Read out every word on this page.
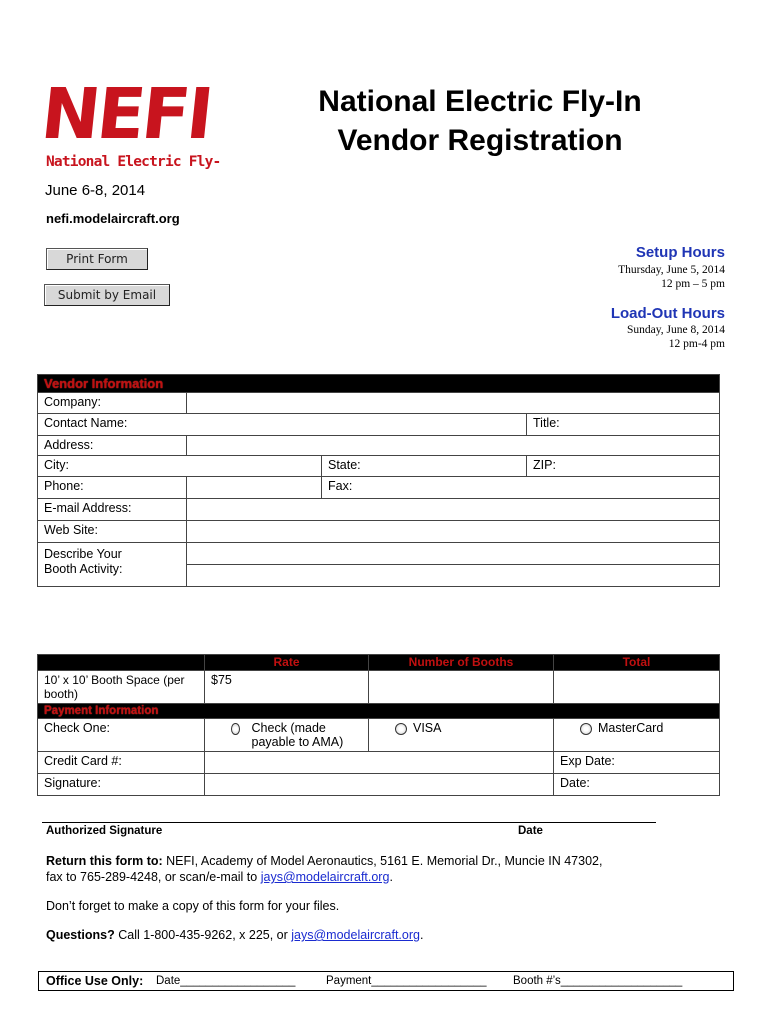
NEFI
National Electric Fly-In
National Electric Fly-In
Vendor Registration
June 6-8, 2014
nefi.modelaircraft.org
Print Form
Submit by Email
Setup Hours
Thursday, June 5, 2014
12 pm – 5 pm
Load-Out Hours
Sunday, June 8, 2014
12 pm-4 pm
Vendor Information			
Company:			
Contact Name:			Title:
Address:			
City:		State:	ZIP:
Phone:		Fax:	
E-mail Address:			
Web Site:			

Describe Your
Booth Activity:			

	Rate	Number of Booths	Total
10’ x 10’ Booth Space (per booth)	$75		
Payment Information			
Check One:	Check (made payable to AMA)	VISA	MasterCard
Credit Card #:			Exp Date:
Signature:			Date:
Authorized Signature	Date
Return this form to: NEFI, Academy of Model Aeronautics, 5161 E. Memorial Dr., Muncie IN 47302,
fax to 765-289-4248, or scan/e-mail to jays@modelaircraft.org.
Don’t forget to make a copy of this form for your files.
Questions? Call 1-800-435-9262, x 225, or jays@modelaircraft.org.
Office Use Only: Date__________________	Payment__________________ Booth #’s___________________
